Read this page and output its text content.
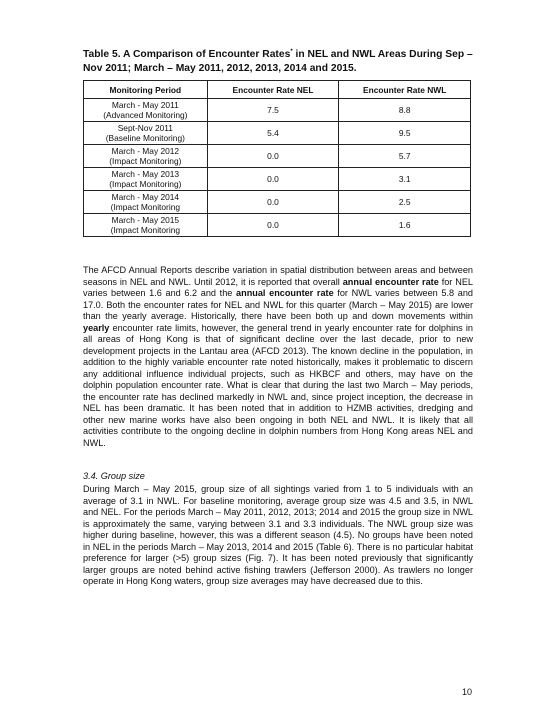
Table 5. A Comparison of Encounter Rates* in NEL and NWL Areas During Sep – Nov 2011; March – May 2011, 2012, 2013, 2014 and 2015.
Monitoring Period	Encounter Rate NEL	Encounter Rate NWL
March - May 2011
(Advanced Monitoring)	7.5	8.8
Sept-Nov 2011
(Baseline Monitoring)	5.4	9.5
March - May 2012
(Impact Monitoring)	0.0	5.7
March - May 2013
(Impact Monitoring)	0.0	3.1
March - May 2014
(Impact Monitoring	0.0	2.5
March - May 2015
(Impact Monitoring	0.0	1.6

The AFCD Annual Reports describe variation in spatial distribution between areas and between seasons in NEL and NWL. Until 2012, it is reported that overall annual encounter rate for NEL varies between 1.6 and 6.2 and the annual encounter rate for NWL varies between 5.8 and 17.0. Both the encounter rates for NEL and NWL for this quarter (March – May 2015) are lower than the yearly average. Historically, there have been both up and down movements within yearly encounter rate limits, however, the general trend in yearly encounter rate for dolphins in all areas of Hong Kong is that of significant decline over the last decade, prior to new development projects in the Lantau area (AFCD 2013). The known decline in the population, in addition to the highly variable encounter rate noted historically, makes it problematic to discern any additional influence individual projects, such as HKBCF and others, may have on the dolphin population encounter rate. What is clear that during the last two March – May periods, the encounter rate has declined markedly in NWL and, since project inception, the decrease in NEL has been dramatic. It has been noted that in addition to HZMB activities, dredging and other new marine works have also been ongoing in both NEL and NWL. It is likely that all activities contribute to the ongoing decline in dolphin numbers from Hong Kong areas NEL and NWL.

3.4. Group size

During March – May 2015, group size of all sightings varied from 1 to 5 individuals with an average of 3.1 in NWL. For baseline monitoring, average group size was 4.5 and 3.5, in NWL and NEL. For the periods March – May 2011, 2012, 2013; 2014 and 2015 the group size in NWL is approximately the same, varying between 3.1 and 3.3 individuals. The NWL group size was higher during baseline, however, this was a different season (4.5). No groups have been noted in NEL in the periods March – May 2013, 2014 and 2015 (Table 6). There is no particular habitat preference for larger (>5) group sizes (Fig. 7). It has been noted previously that significantly larger groups are noted behind active fishing trawlers (Jefferson 2000). As trawlers no longer operate in Hong Kong waters, group size averages may have decreased due to this.

10
